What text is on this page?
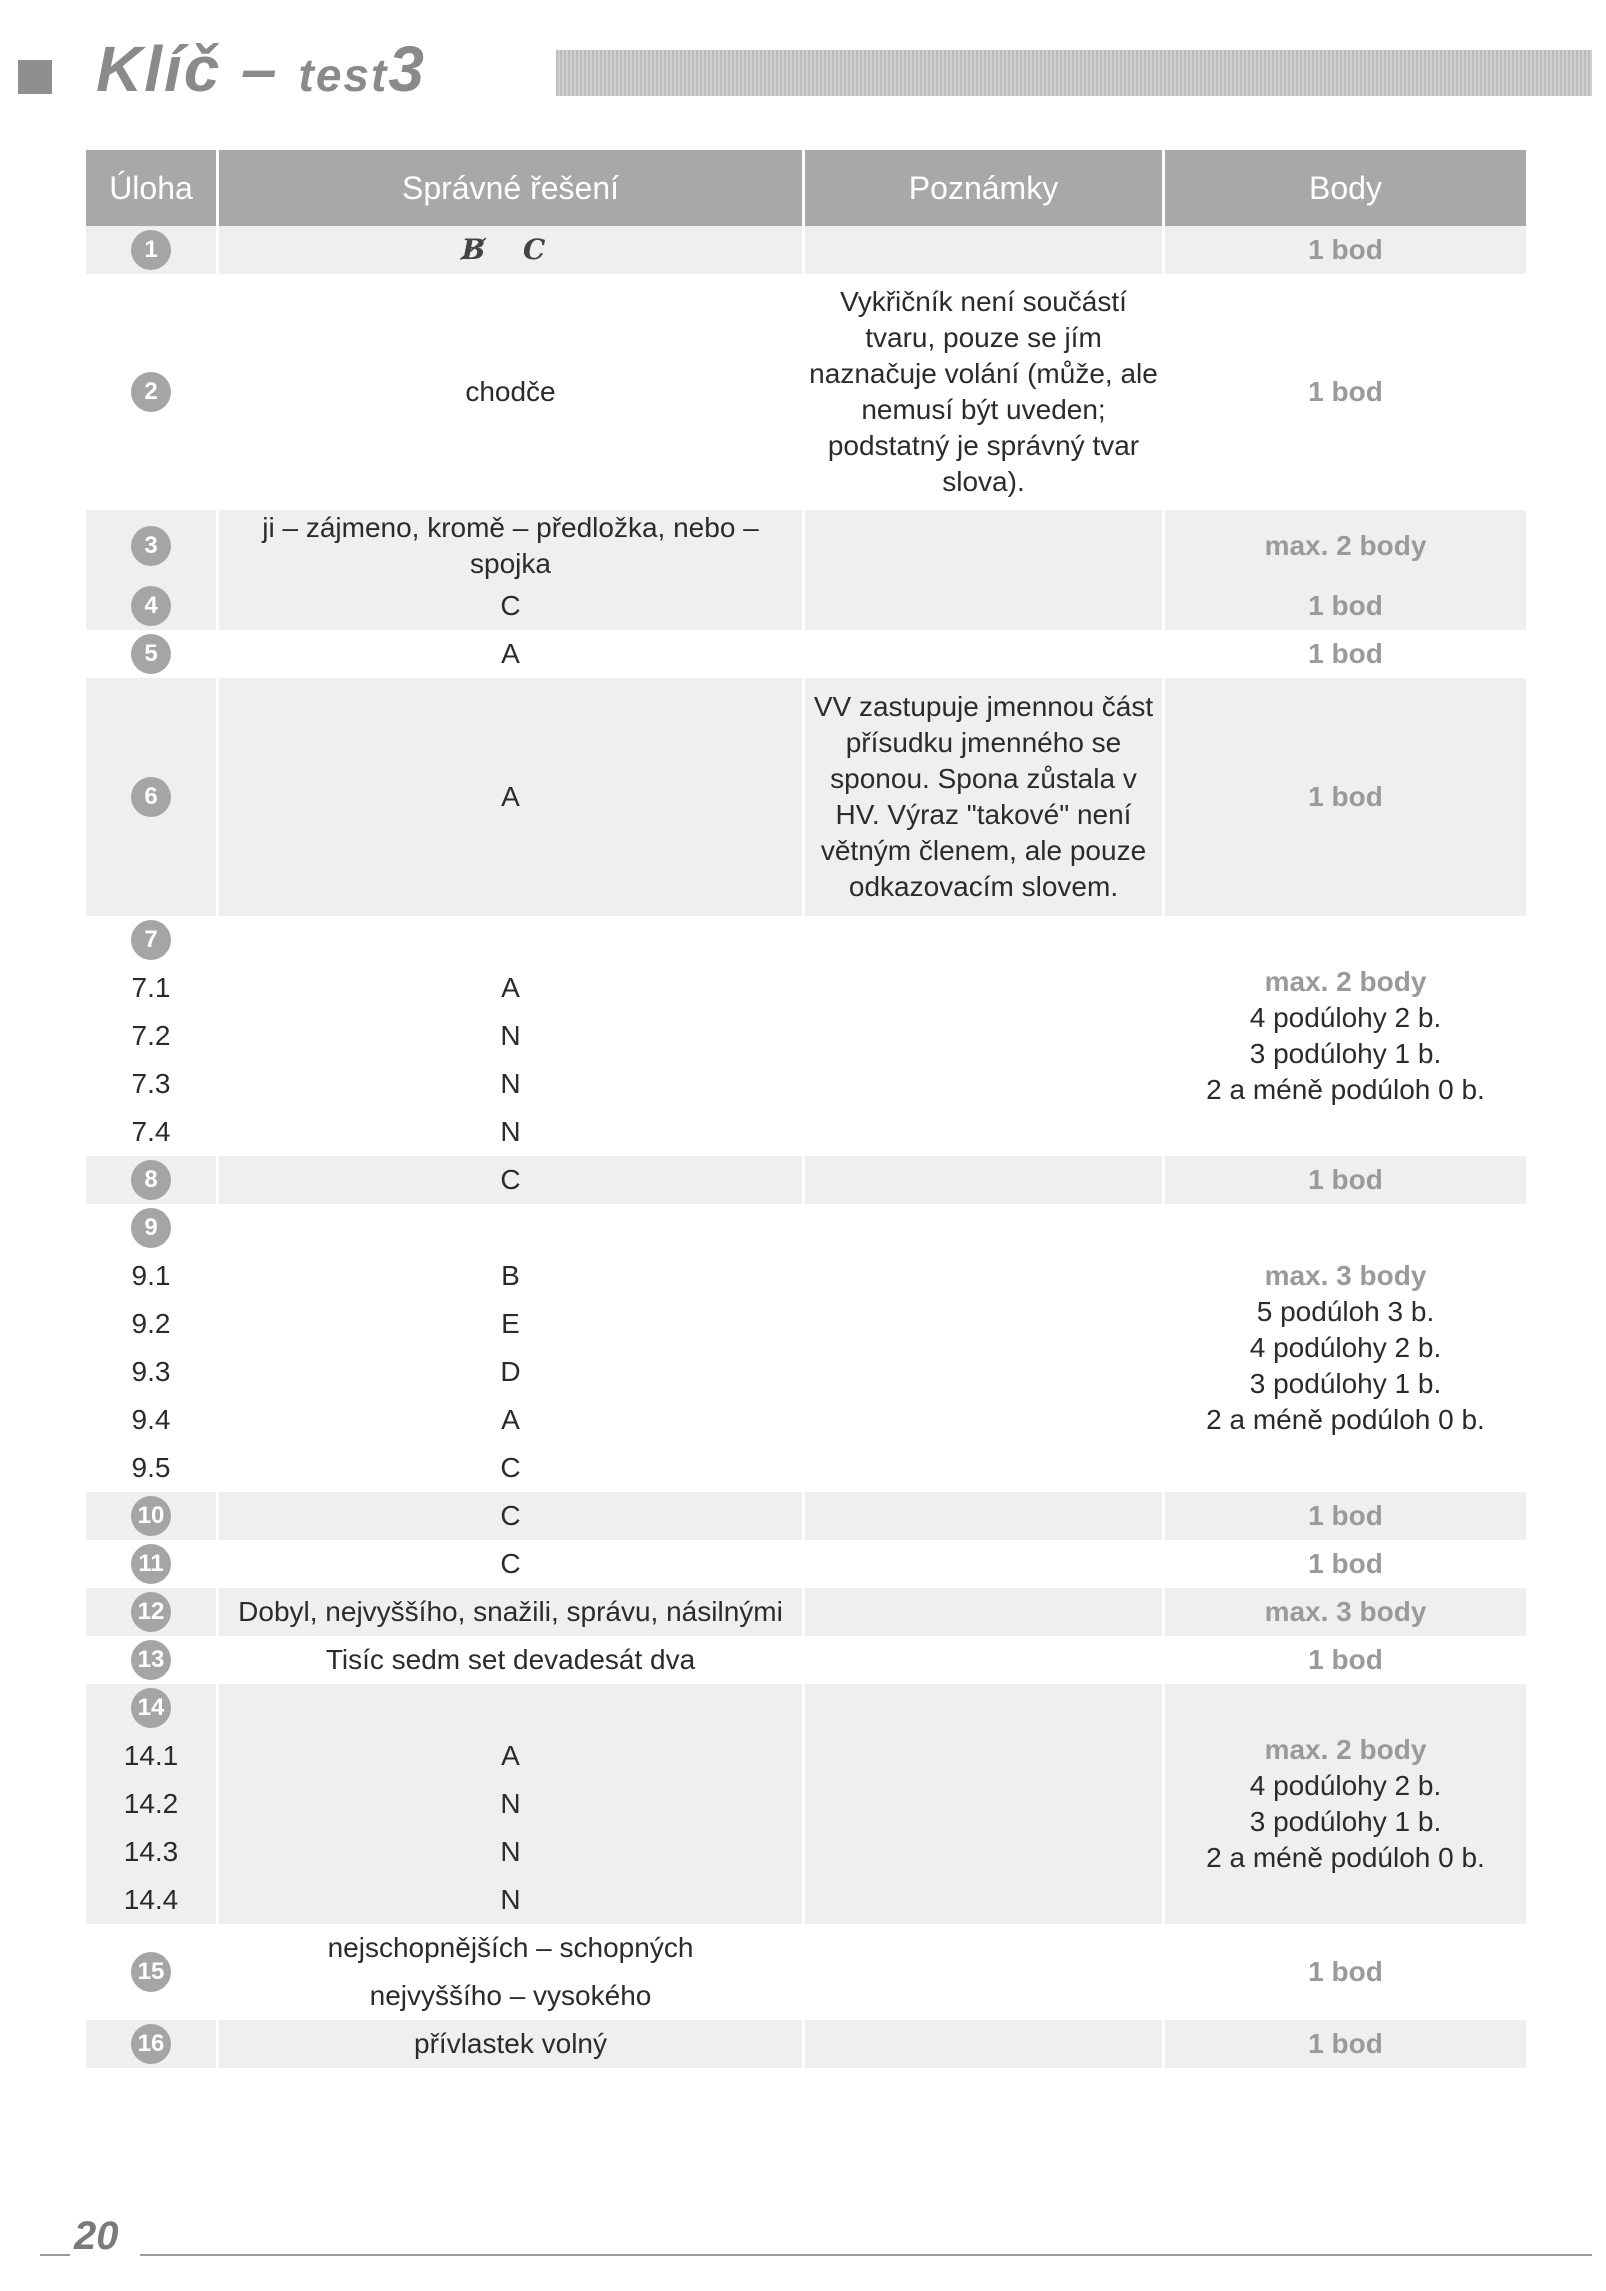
Klíč – test3
Úloha	Správné řešení	Poznámky	Body
1	B̸ C		1 bod
2	chodče	Vykřičník není součástí tvaru, pouze se jím naznačuje volání (může, ale nemusí být uveden; podstatný je správný tvar slova).	1 bod
3	ji – zájmeno, kromě – předložka, nebo – spojka		max. 2 body
4	C		1 bod
5	A		1 bod
6	A	VV zastupuje jmennou část přísudku jmenného se sponou. Spona zůstala v HV. Výraz "takové" není větným členem, ale pouze odkazovacím slovem.	1 bod
7			max. 2 body
4 podúlohy 2 b.
3 podúlohy 1 b.
2 a méně podúloh 0 b.

7.1	A		
7.2	N		
7.3	N		
7.4	N		
8	C		1 bod
9			max. 3 body
5 podúloh 3 b.
4 podúlohy 2 b.
3 podúlohy 1 b.
2 a méně podúloh 0 b.

9.1	B		
9.2	E		
9.3	D		
9.4	A		
9.5	C		
10	C		1 bod
11	C		1 bod
12	Dobyl, nejvyššího, snažili, správu, násilnými		max. 3 body
13	Tisíc sedm set devadesát dva		1 bod
14			max. 2 body
4 podúlohy 2 b.
3 podúlohy 1 b.
2 a méně podúloh 0 b.

14.1	A		
14.2	N		
14.3	N		
14.4	N		
15	nejschopnějších – schopných
nejvyššího – vysokého		1 bod
16	přívlastek volný		1 bod
20
